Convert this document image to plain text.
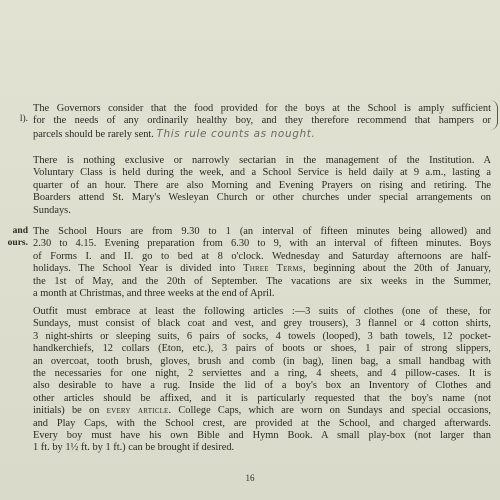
l).
and
ours.

The Governors consider that the food provided for the boys at the School is amply sufficient
for the needs of any ordinarily healthy boy, and they therefore recommend that hampers or
parcels should be rarely sent. This rule counts as nought.

There is nothing exclusive or narrowly sectarian in the management of the Institution. A
Voluntary Class is held during the week, and a School Service is held daily at 9 a.m., lasting a
quarter of an hour. There are also Morning and Evening Prayers on rising and retiring. The
Boarders attend St. Mary's Wesleyan Church or other churches under special arrangements on
Sundays.

The School Hours are from 9.30 to 1 (an interval of fifteen minutes being allowed) and
2.30 to 4.15. Evening preparation from 6.30 to 9, with an interval of fifteen minutes. Boys
of Forms I. and II. go to bed at 8 o'clock. Wednesday and Saturday afternoons are half-
holidays. The School Year is divided into Three Terms, beginning about the 20th of January,
the 1st of May, and the 20th of September. The vacations are six weeks in the Summer,
a month at Christmas, and three weeks at the end of April.

Outfit must embrace at least the following articles :—3 suits of clothes (one of these, for
Sundays, must consist of black coat and vest, and grey trousers), 3 flannel or 4 cotton shirts,
3 night-shirts or sleeping suits, 6 pairs of socks, 4 towels (looped), 3 bath towels, 12 pocket-
handkerchiefs, 12 collars (Eton, etc.), 3 pairs of boots or shoes, 1 pair of strong slippers,
an overcoat, tooth brush, gloves, brush and comb (in bag), linen bag, a small handbag with
the necessaries for one night, 2 serviettes and a ring, 4 sheets, and 4 pillow-cases. It is
also desirable to have a rug. Inside the lid of a boy's box an Inventory of Clothes and
other articles should be affixed, and it is particularly requested that the boy's name (not
initials) be on every article. College Caps, which are worn on Sundays and special occasions,
and Play Caps, with the School crest, are provided at the School, and charged afterwards.
Every boy must have his own Bible and Hymn Book. A small play-box (not larger than
1 ft. by 1½ ft. by 1 ft.) can be brought if desired.

16
